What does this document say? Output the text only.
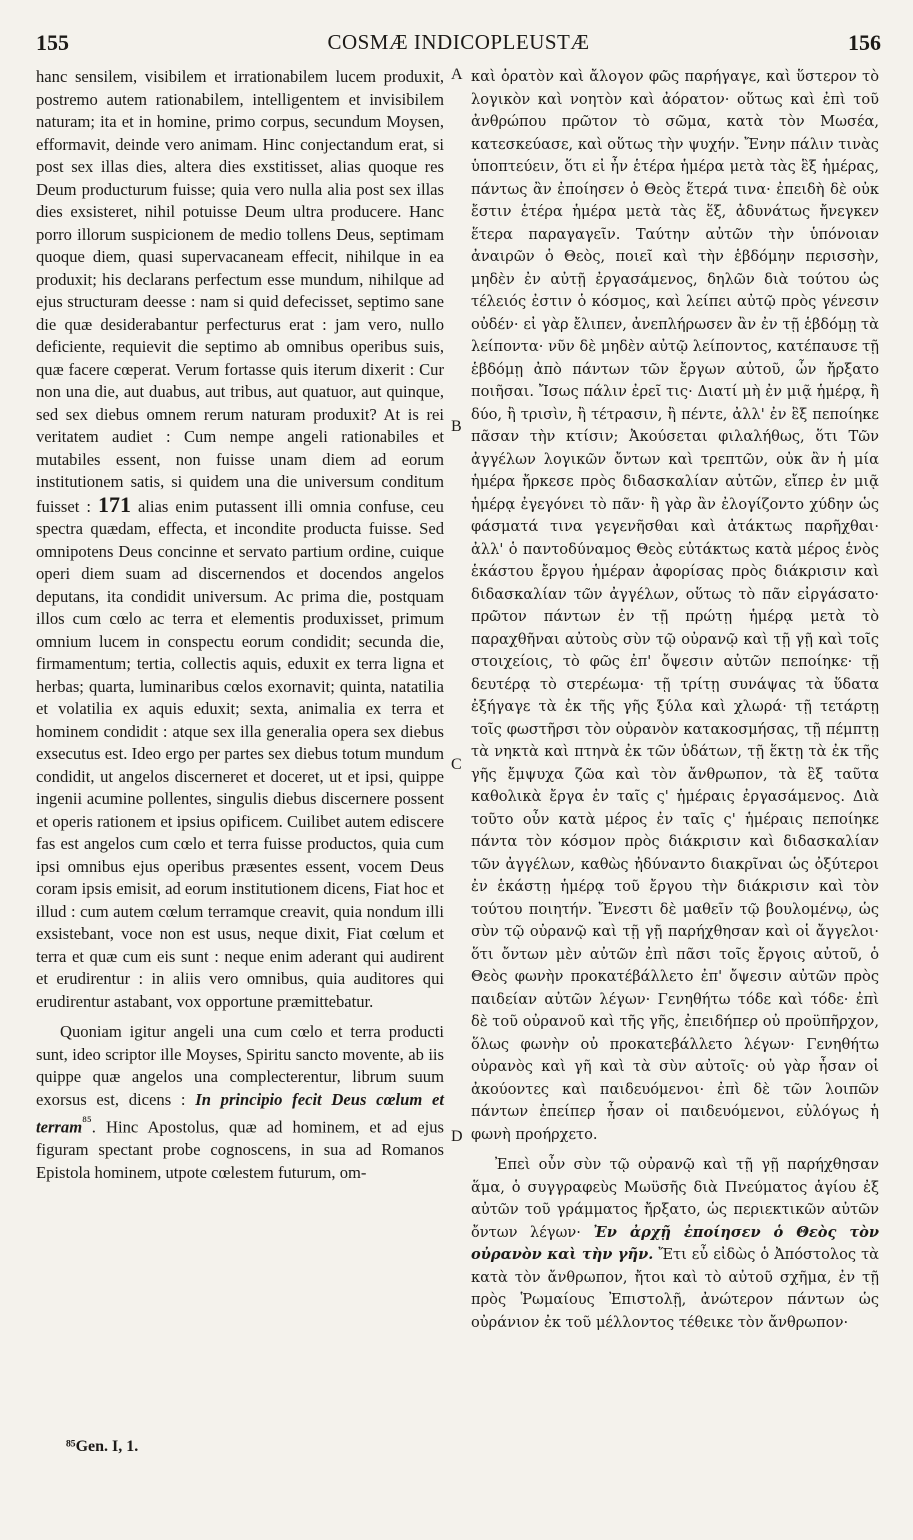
155	COSMÆ INDICOPLEUSTÆ	156

hanc sensilem, visibilem et irrationabilem lucem produxit, postremo autem rationabilem, intelligentem et invisibilem naturam; ita et in homine, primo corpus, secundum Moysen, efformavit, deinde vero animam. Hinc conjectandum erat, si post sex illas dies, altera dies exstitisset, alias quoque res Deum producturum fuisse; quia vero nulla alia post sex illas dies exsisteret, nihil potuisse Deum ultra producere. Hanc porro illorum suspicionem de medio tollens Deus, septimam quoque diem, quasi supervacaneam effecit, nihilque in ea produxit; his declarans perfectum esse mundum, nihilque ad ejus structuram deesse : nam si quid defecisset, septimo sane die quæ desiderabantur perfecturus erat : jam vero, nullo deficiente, requievit die septimo ab omnibus operibus suis, quæ facere cœperat. Verum fortasse quis iterum dixerit : Cur non una die, aut duabus, aut tribus, aut quatuor, aut quinque, sed sex diebus omnem rerum naturam produxit? At is rei veritatem audiet : Cum nempe angeli rationabiles et mutabiles essent, non fuisse unam diem ad eorum institutionem satis, si quidem una die universum conditum fuisset : 171 alias enim putassent illi omnia confuse, ceu spectra quædam, effecta, et incondite producta fuisse. Sed omnipotens Deus concinne et servato partium ordine, cuique operi diem suam ad discernendos et docendos angelos deputans, ita condidit universum. Ac prima die, postquam illos cum cœlo ac terra et elementis produxisset, primum omnium lucem in conspectu eorum condidit; secunda die, firmamentum; tertia, collectis aquis, eduxit ex terra ligna et herbas; quarta, luminaribus cœlos exornavit; quinta, natatilia et volatilia ex aquis eduxit; sexta, animalia ex terra et hominem condidit : atque sex illa generalia opera sex diebus exsecutus est. Ideo ergo per partes sex diebus totum mundum condidit, ut angelos discerneret et doceret, ut et ipsi, quippe ingenii acumine pollentes, singulis diebus discernere possent et operis rationem et ipsius opificem. Cuilibet autem ediscere fas est angelos cum cœlo et terra fuisse productos, quia cum ipsi omnibus ejus operibus præsentes essent, vocem Deus coram ipsis emisit, ad eorum institutionem dicens, Fiat hoc et illud : cum autem cœlum terramque creavit, quia nondum illi exsistebant, voce non est usus, neque dixit, Fiat cœlum et terra et quæ cum eis sunt : neque enim aderant qui audirent et erudirentur : in aliis vero omnibus, quia auditores qui erudirentur astabant, vox opportune præmittebatur.

Quoniam igitur angeli una cum cœlo et terra producti sunt, ideo scriptor ille Moyses, Spiritu sancto movente, ab iis quippe quæ angelos una complecterentur, librum suum exorsus est, dicens : In principio fecit Deus cœlum et terram$^{^{85}}$. Hinc Apostolus, quæ ad hominem, et ad ejus figuram spectant probe cognoscens, in sua ad Romanos Epistola hominem, utpote cœlestem futurum, om-

A
B
C
D

καὶ ὁρατὸν καὶ ἄλογον φῶς παρήγαγε, καὶ ὕστερον τὸ λογικὸν καὶ νοητὸν καὶ ἀόρατον· οὕτως καὶ ἐπὶ τοῦ ἀνθρώπου πρῶτον τὸ σῶμα, κατὰ τὸν Μωσέα, κατεσκεύασε, καὶ οὕτως τὴν ψυχήν. Ἔνην πάλιν τινὰς ὑποπτεύειν, ὅτι εἰ ἦν ἑτέρα ἡμέρα μετὰ τὰς ἓξ ἡμέρας, πάντως ἂν ἐποίησεν ὁ Θεὸς ἕτερά τινα· ἐπειδὴ δὲ οὐκ ἔστιν ἑτέρα ἡμέρα μετὰ τὰς ἕξ, ἀδυνάτως ἤνεγκεν ἕτερα παραγαγεῖν. Ταύτην αὐτῶν τὴν ὑπόνοιαν ἀναιρῶν ὁ Θεὸς, ποιεῖ καὶ τὴν ἑβδόμην περισσὴν, μηδὲν ἐν αὐτῇ ἐργασάμενος, δηλῶν διὰ τούτου ὡς τέλειός ἐστιν ὁ κόσμος, καὶ λείπει αὐτῷ πρὸς γένεσιν οὐδέν· εἰ γὰρ ἔλιπεν, ἀνεπλήρωσεν ἂν ἐν τῇ ἑβδόμῃ τὰ λείποντα· νῦν δὲ μηδὲν αὐτῷ λείποντος, κατέπαυσε τῇ ἑβδόμῃ ἀπὸ πάντων τῶν ἔργων αὐτοῦ, ὧν ἤρξατο ποιῆσαι. Ἴσως πάλιν ἐρεῖ τις· Διατί μὴ ἐν μιᾷ ἡμέρᾳ, ἢ δύο, ἢ τρισὶν, ἢ τέτρασιν, ἢ πέντε, ἀλλ' ἐν ἓξ πεποίηκε πᾶσαν τὴν κτίσιν; Ἀκούσεται φιλαλήθως, ὅτι Τῶν ἀγγέλων λογικῶν ὄντων καὶ τρεπτῶν, οὐκ ἂν ἡ μία ἡμέρα ἤρκεσε πρὸς διδασκαλίαν αὐτῶν, εἴπερ ἐν μιᾷ ἡμέρᾳ ἐγεγόνει τὸ πᾶν· ἢ γὰρ ἂν ἐλογίζοντο χύδην ὡς φάσματά τινα γεγενῆσθαι καὶ ἀτάκτως παρῆχθαι· ἀλλ' ὁ παντοδύναμος Θεὸς εὐτάκτως κατὰ μέρος ἑνὸς ἑκάστου ἔργου ἡμέραν ἀφορίσας πρὸς διάκρισιν καὶ διδασκαλίαν τῶν ἀγγέλων, οὕτως τὸ πᾶν εἰργάσατο· πρῶτον πάντων ἐν τῇ πρώτῃ ἡμέρᾳ μετὰ τὸ παραχθῆναι αὐτοὺς σὺν τῷ οὐρανῷ καὶ τῇ γῇ καὶ τοῖς στοιχείοις, τὸ φῶς ἐπ' ὄψεσιν αὐτῶν πεποίηκε· τῇ δευτέρᾳ τὸ στερέωμα· τῇ τρίτῃ συνάψας τὰ ὕδατα ἐξήγαγε τὰ ἐκ τῆς γῆς ξύλα καὶ χλωρά· τῇ τετάρτῃ τοῖς φωστῆρσι τὸν οὐρανὸν κατακοσμήσας, τῇ πέμπτῃ τὰ νηκτὰ καὶ πτηνὰ ἐκ τῶν ὑδάτων, τῇ ἕκτῃ τὰ ἐκ τῆς γῆς ἔμψυχα ζῶα καὶ τὸν ἄνθρωπον, τὰ ἓξ ταῦτα καθολικὰ ἔργα ἐν ταῖς ς' ἡμέραις ἐργασάμενος. Διὰ τοῦτο οὖν κατὰ μέρος ἐν ταῖς ς' ἡμέραις πεποίηκε πάντα τὸν κόσμον πρὸς διάκρισιν καὶ διδασκαλίαν τῶν ἀγγέλων, καθὼς ἠδύναντο διακρῖναι ὡς ὀξύτεροι ἐν ἑκάστῃ ἡμέρᾳ τοῦ ἔργου τὴν διάκρισιν καὶ τὸν τούτου ποιητήν. Ἔνεστι δὲ μαθεῖν τῷ βουλομένῳ, ὡς σὺν τῷ οὐρανῷ καὶ τῇ γῇ παρήχθησαν καὶ οἱ ἄγγελοι· ὅτι ὄντων μὲν αὐτῶν ἐπὶ πᾶσι τοῖς ἔργοις αὐτοῦ, ὁ Θεὸς φωνὴν προκατέβάλλετο ἐπ' ὄψεσιν αὐτῶν πρὸς παιδείαν αὐτῶν λέγων· Γενηθήτω τόδε καὶ τόδε· ἐπὶ δὲ τοῦ οὐρανοῦ καὶ τῆς γῆς, ἐπειδήπερ οὐ προϋπῆρχον, ὅλως φωνὴν οὐ προκατεβάλλετο λέγων· Γενηθήτω οὐρανὸς καὶ γῆ καὶ τὰ σὺν αὐτοῖς· οὐ γὰρ ἦσαν οἱ ἀκούοντες καὶ παιδευόμενοι· ἐπὶ δὲ τῶν λοιπῶν πάντων ἐπείπερ ἦσαν οἱ παιδευόμενοι, εὐλόγως ἡ φωνὴ προήρχετο.

Ἐπεὶ οὖν σὺν τῷ οὐρανῷ καὶ τῇ γῇ παρήχθησαν ἅμα, ὁ συγγραφεὺς Μωϋσῆς διὰ Πνεύματος ἁγίου ἐξ αὐτῶν τοῦ γράμματος ἤρξατο, ὡς περιεκτικῶν αὐτῶν ὄντων λέγων· Ἐν ἀρχῇ ἐποίησεν ὁ Θεὸς τὸν οὐρανὸν καὶ τὴν γῆν. Ἔτι εὖ εἰδὼς ὁ Ἀπόστολος τὰ κατὰ τὸν ἄνθρωπον, ἤτοι καὶ τὸ αὐτοῦ σχῆμα, ἐν τῇ πρὸς Ῥωμαίους Ἐπιστολῇ, ἀνώτερον πάντων ὡς οὐράνιον ἐκ τοῦ μέλλοντος τέθεικε τὸν ἄνθρωπον·

⁸⁵Gen. I, 1.
